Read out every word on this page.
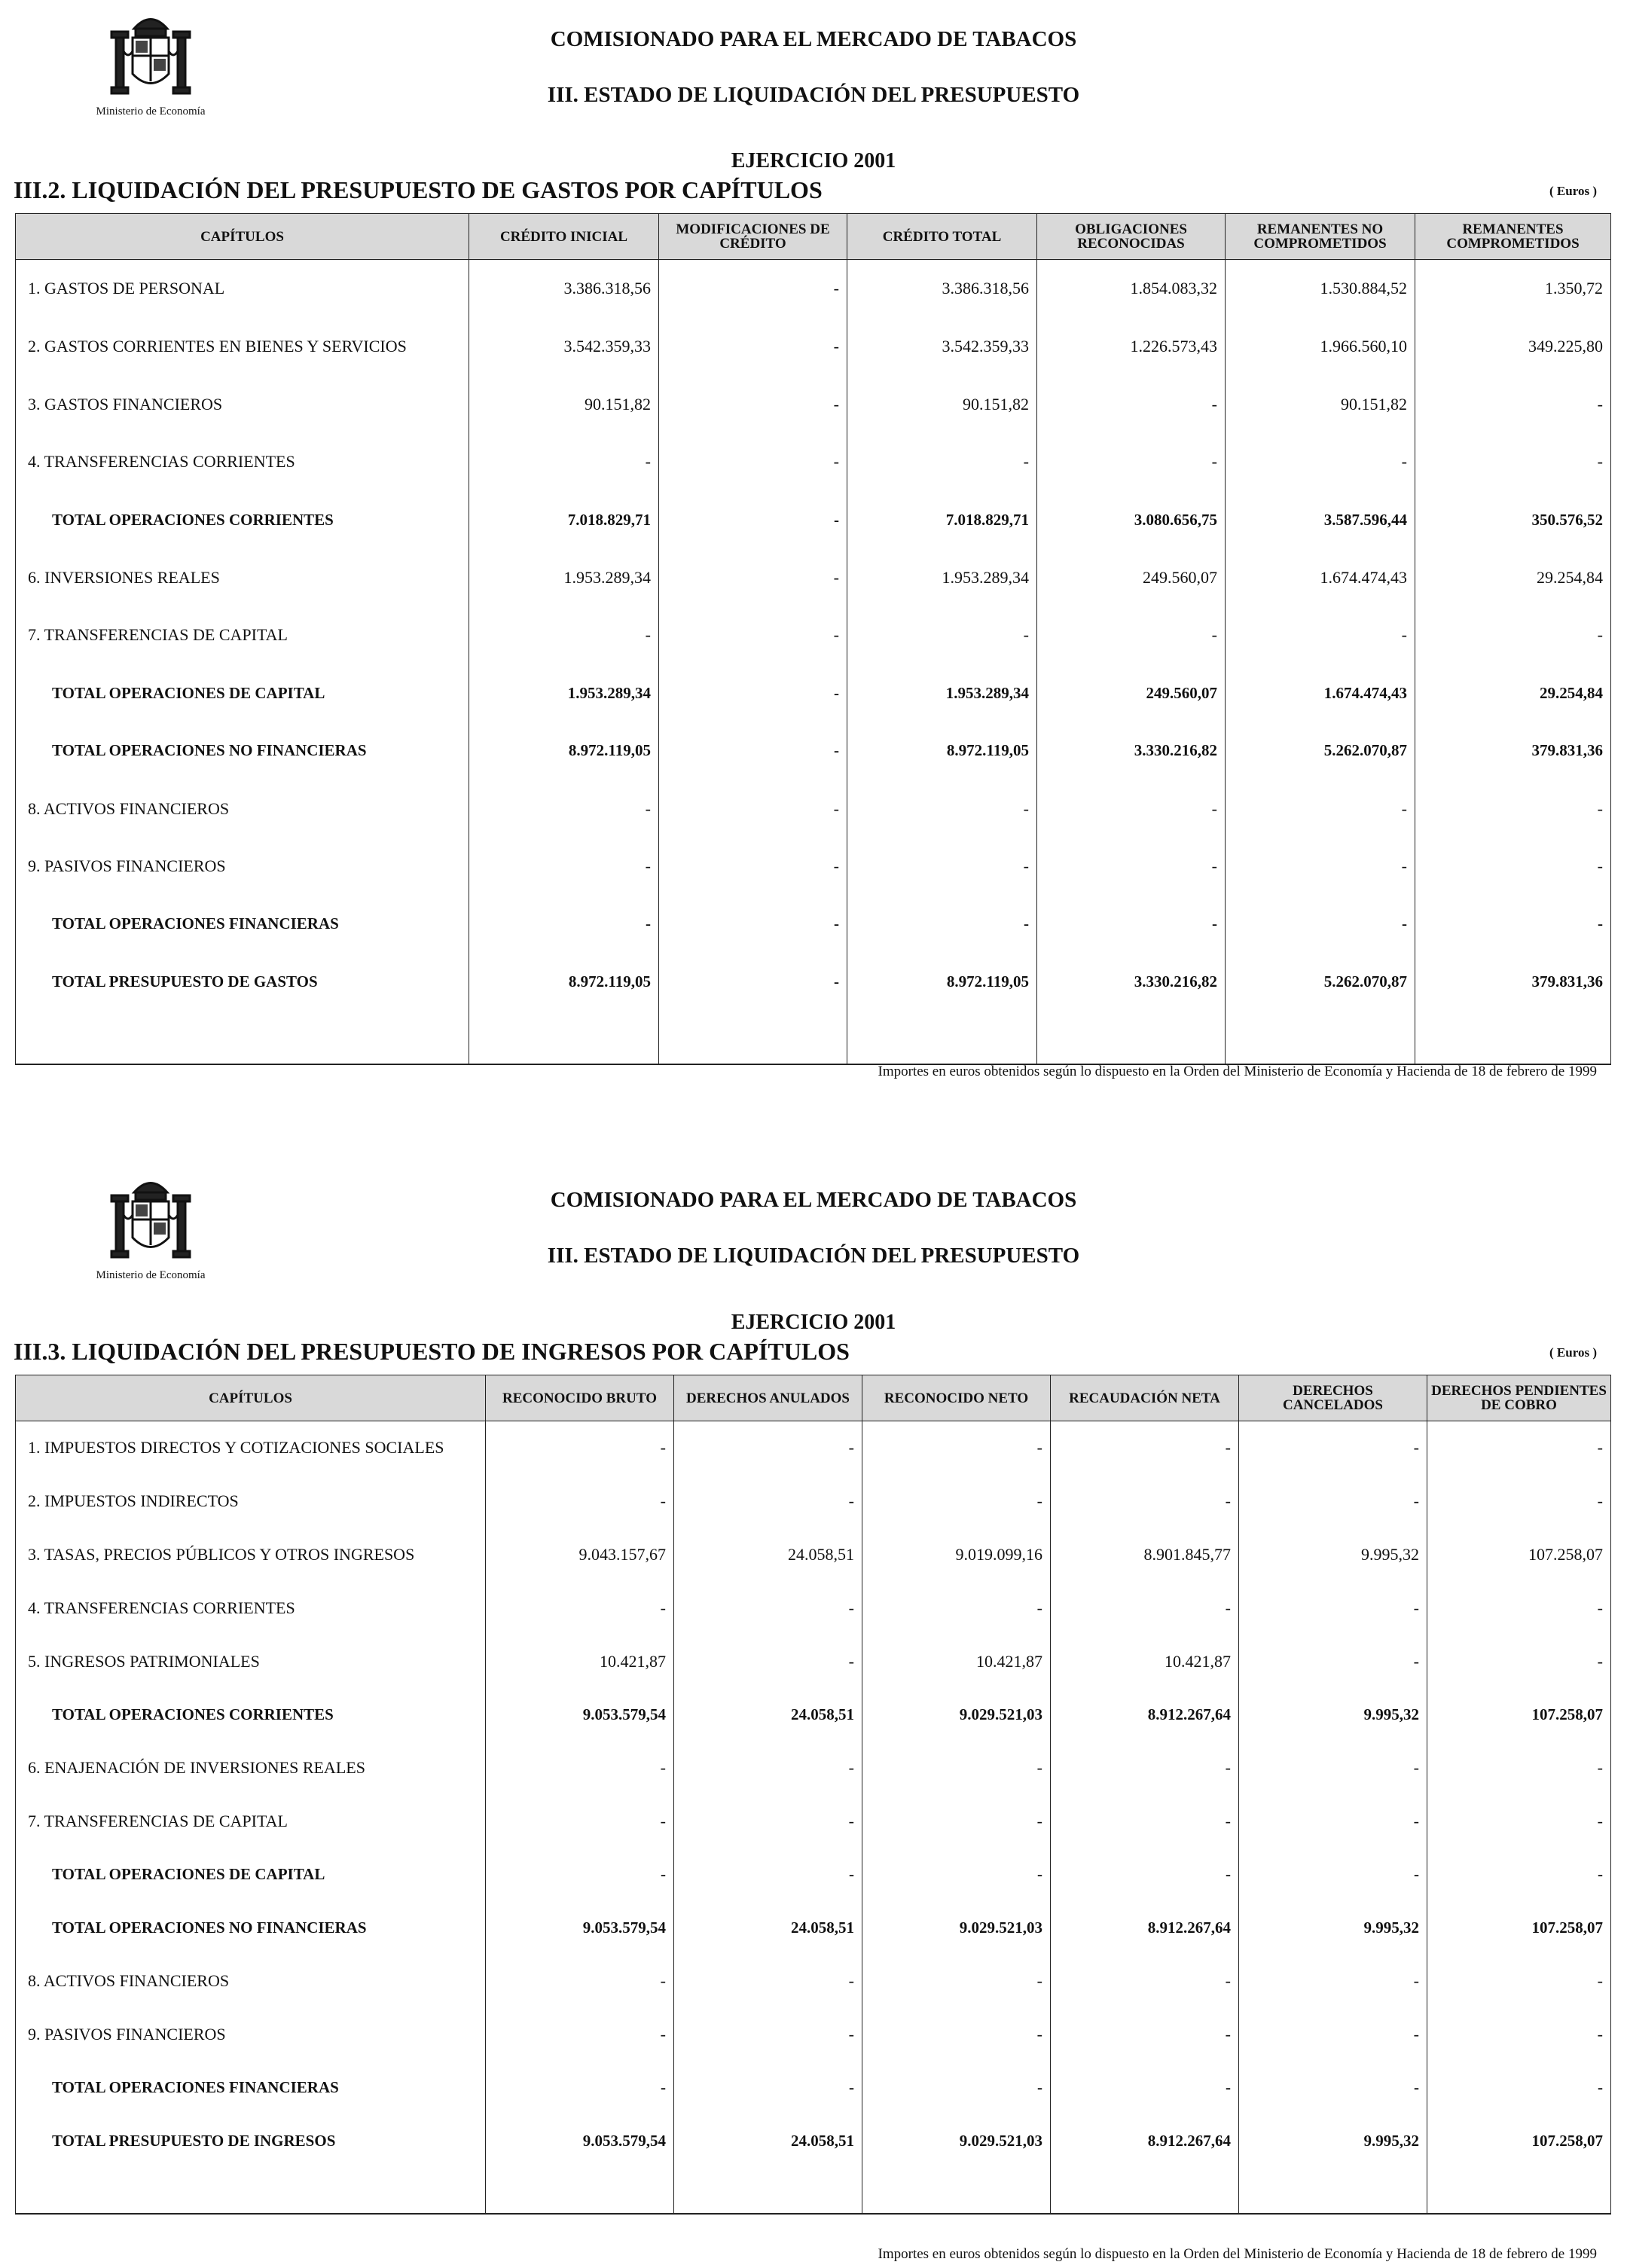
Ministerio de Economía
COMISIONADO PARA EL MERCADO DE TABACOS
III. ESTADO DE LIQUIDACIÓN DEL PRESUPUESTO
EJERCICIO 2001
III.2. LIQUIDACIÓN DEL PRESUPUESTO DE GASTOS POR CAPÍTULOS	( Euros )
CAPÍTULOS	CRÉDITO INICIAL	MODIFICACIONES DE CRÉDITO	CRÉDITO TOTAL	OBLIGACIONES RECONOCIDAS	REMANENTES NO COMPROMETIDOS	REMANENTES COMPROMETIDOS
1. GASTOS DE PERSONAL	3.386.318,56	-	3.386.318,56	1.854.083,32	1.530.884,52	1.350,72
2. GASTOS CORRIENTES EN BIENES Y SERVICIOS	3.542.359,33	-	3.542.359,33	1.226.573,43	1.966.560,10	349.225,80
3. GASTOS FINANCIEROS	90.151,82	-	90.151,82	-	90.151,82	-
4. TRANSFERENCIAS CORRIENTES	-	-	-	-	-	-
TOTAL OPERACIONES CORRIENTES	7.018.829,71	-	7.018.829,71	3.080.656,75	3.587.596,44	350.576,52
6. INVERSIONES REALES	1.953.289,34	-	1.953.289,34	249.560,07	1.674.474,43	29.254,84
7. TRANSFERENCIAS DE CAPITAL	-	-	-	-	-	-
TOTAL OPERACIONES DE CAPITAL	1.953.289,34	-	1.953.289,34	249.560,07	1.674.474,43	29.254,84
TOTAL OPERACIONES NO FINANCIERAS	8.972.119,05	-	8.972.119,05	3.330.216,82	5.262.070,87	379.831,36
8. ACTIVOS FINANCIEROS	-	-	-	-	-	-
9. PASIVOS FINANCIEROS	-	-	-	-	-	-
TOTAL OPERACIONES FINANCIERAS	-	-	-	-	-	-
TOTAL PRESUPUESTO DE GASTOS	8.972.119,05	-	8.972.119,05	3.330.216,82	5.262.070,87	379.831,36

Importes en euros obtenidos según lo dispuesto en la Orden del Ministerio de Economía y Hacienda de 18 de febrero de 1999
Ministerio de Economía
COMISIONADO PARA EL MERCADO DE TABACOS
III. ESTADO DE LIQUIDACIÓN DEL PRESUPUESTO
EJERCICIO 2001
III.3. LIQUIDACIÓN DEL PRESUPUESTO DE INGRESOS POR CAPÍTULOS	( Euros )
CAPÍTULOS	RECONOCIDO BRUTO	DERECHOS ANULADOS	RECONOCIDO NETO	RECAUDACIÓN NETA	DERECHOS CANCELADOS	DERECHOS PENDIENTES DE COBRO
1. IMPUESTOS DIRECTOS Y COTIZACIONES SOCIALES	-	-	-	-	-	-
2. IMPUESTOS INDIRECTOS	-	-	-	-	-	-
3. TASAS, PRECIOS PÚBLICOS Y OTROS INGRESOS	9.043.157,67	24.058,51	9.019.099,16	8.901.845,77	9.995,32	107.258,07
4. TRANSFERENCIAS CORRIENTES	-	-	-	-	-	-
5. INGRESOS PATRIMONIALES	10.421,87	-	10.421,87	10.421,87	-	-
TOTAL OPERACIONES CORRIENTES	9.053.579,54	24.058,51	9.029.521,03	8.912.267,64	9.995,32	107.258,07
6. ENAJENACIÓN DE INVERSIONES REALES	-	-	-	-	-	-
7. TRANSFERENCIAS DE CAPITAL	-	-	-	-	-	-
TOTAL OPERACIONES DE CAPITAL	-	-	-	-	-	-
TOTAL OPERACIONES NO FINANCIERAS	9.053.579,54	24.058,51	9.029.521,03	8.912.267,64	9.995,32	107.258,07
8. ACTIVOS FINANCIEROS	-	-	-	-	-	-
9. PASIVOS FINANCIEROS	-	-	-	-	-	-
TOTAL OPERACIONES FINANCIERAS	-	-	-	-	-	-
TOTAL PRESUPUESTO DE INGRESOS	9.053.579,54	24.058,51	9.029.521,03	8.912.267,64	9.995,32	107.258,07

Importes en euros obtenidos según lo dispuesto en la Orden del Ministerio de Economía y Hacienda de 18 de febrero de 1999
